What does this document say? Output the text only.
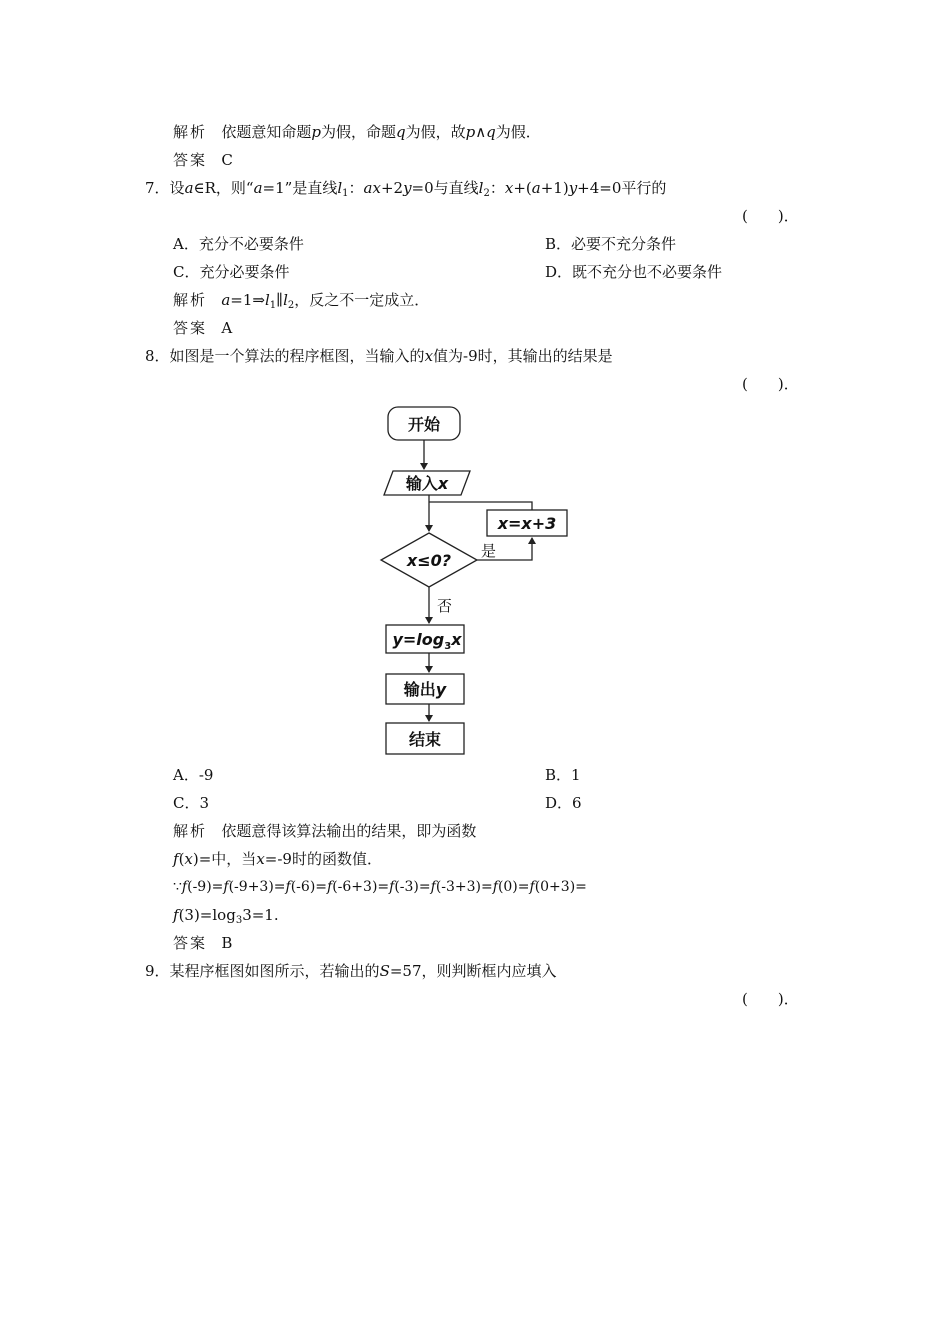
解析 依题意知命题p为假，命题q为假，故p∧q为假．
答案 C
7．设a∈R，则“a=1”是直线$l_1$：ax+2y=0与直线$l_2$：x+(a+1)y+4=0平行的
(　　)．
A．充分不必要条件	B．必要不充分条件
C．充分必要条件	D．既不充分也不必要条件
解析 $a=1\Rightarrow l_1\parallel l_2$，反之不一定成立．
答案 A
8．如图是一个算法的程序框图，当输入的x值为-9时，其输出的结果是
(　　)．
开始
输入x
x=x+3
x≤0?
$y=\log_3x$
输出y
结束
是
否
A．-9	B．1
C．3	D．6
解析 依题意得该算法输出的结果，即为函数
f(x)=中，当x=-9时的函数值．
∵f(-9)=f(-9+3)=f(-6)=f(-6+3)=f(-3)=f(-3+3)=f(0)=f(0+3)=
$f(3)=\log_33=1$.
答案 B
9．某程序框图如图所示，若输出的S=57，则判断框内应填入
(　　)．
